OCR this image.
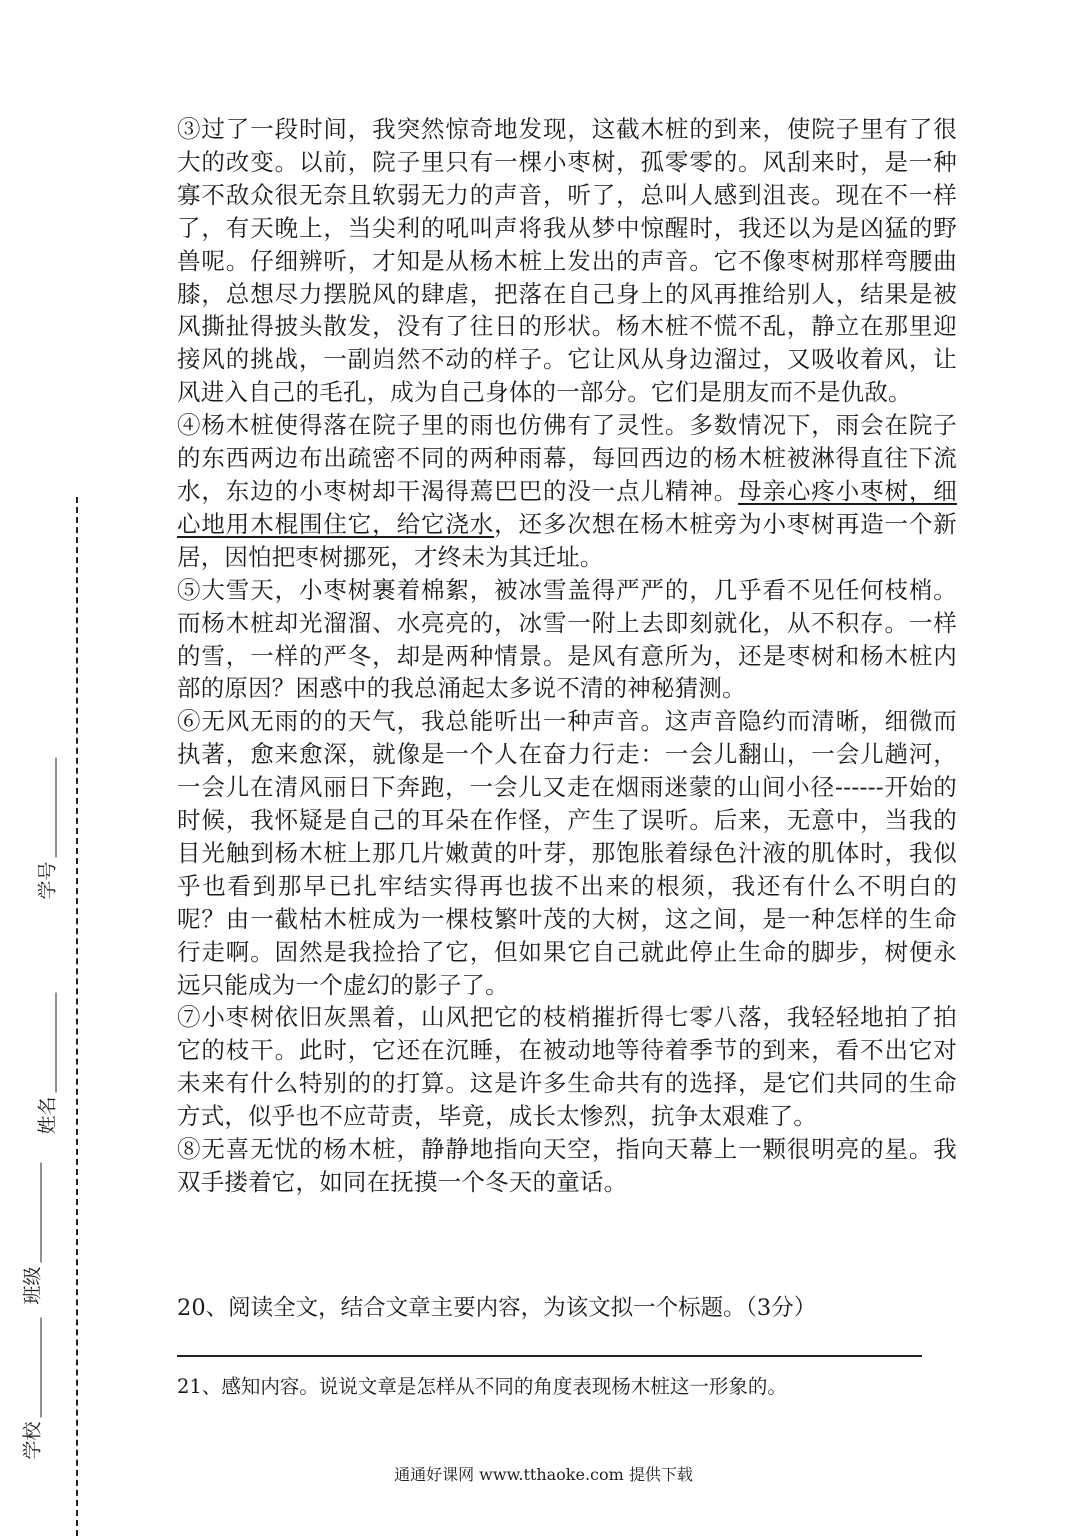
③过了一段时间，我突然惊奇地发现，这截木桩的到来，使院子里有了很大的改变。以前，院子里只有一棵小枣树，孤零零的。风刮来时，是一种寡不敌众很无奈且软弱无力的声音，听了，总叫人感到沮丧。现在不一样了，有天晚上，当尖利的吼叫声将我从梦中惊醒时，我还以为是凶猛的野兽呢。仔细辨听，才知是从杨木桩上发出的声音。它不像枣树那样弯腰曲膝，总想尽力摆脱风的肆虐，把落在自己身上的风再推给别人，结果是被风撕扯得披头散发，没有了往日的形状。杨木桩不慌不乱，静立在那里迎接风的挑战，一副岿然不动的样子。它让风从身边溜过，又吸收着风，让风进入自己的毛孔，成为自己身体的一部分。它们是朋友而不是仇敌。

④杨木桩使得落在院子里的雨也仿佛有了灵性。多数情况下，雨会在院子的东西两边布出疏密不同的两种雨幕，每回西边的杨木桩被淋得直往下流水，东边的小枣树却干渴得蔫巴巴的没一点儿精神。母亲心疼小枣树，细心地用木棍围住它，给它浇水，还多次想在杨木桩旁为小枣树再造一个新居，因怕把枣树挪死，才终未为其迁址。

⑤大雪天，小枣树裹着棉絮，被冰雪盖得严严的，几乎看不见任何枝梢。而杨木桩却光溜溜、水亮亮的，冰雪一附上去即刻就化，从不积存。一样的雪，一样的严冬，却是两种情景。是风有意所为，还是枣树和杨木桩内部的原因？困惑中的我总涌起太多说不清的神秘猜测。

⑥无风无雨的的天气，我总能听出一种声音。这声音隐约而清晰，细微而执著，愈来愈深，就像是一个人在奋力行走：一会儿翻山，一会儿趟河，一会儿在清风丽日下奔跑，一会儿又走在烟雨迷蒙的山间小径------开始的时候，我怀疑是自己的耳朵在作怪，产生了误听。后来，无意中，当我的目光触到杨木桩上那几片嫩黄的叶芽，那饱胀着绿色汁液的肌体时，我似乎也看到那早已扎牢结实得再也拔不出来的根须，我还有什么不明白的呢？由一截枯木桩成为一棵枝繁叶茂的大树，这之间，是一种怎样的生命行走啊。固然是我捡拾了它，但如果它自己就此停止生命的脚步，树便永远只能成为一个虚幻的影子了。

⑦小枣树依旧灰黑着，山风把它的枝梢摧折得七零八落，我轻轻地拍了拍它的枝干。此时，它还在沉睡，在被动地等待着季节的到来，看不出它对未来有什么特别的的打算。这是许多生命共有的选择，是它们共同的生命方式，似乎也不应苛责，毕竟，成长太惨烈，抗争太艰难了。

⑧无喜无忧的杨木桩，静静地指向天空，指向天幕上一颗很明亮的星。我双手搂着它，如同在抚摸一个冬天的童话。

20、阅读全文，结合文章主要内容，为该文拟一个标题。（3分）

21、感知内容。说说文章是怎样从不同的角度表现杨木桩这一形象的。

通通好课网 www.tthaoke.com 提供下载
学号
姓名
班级
学校
